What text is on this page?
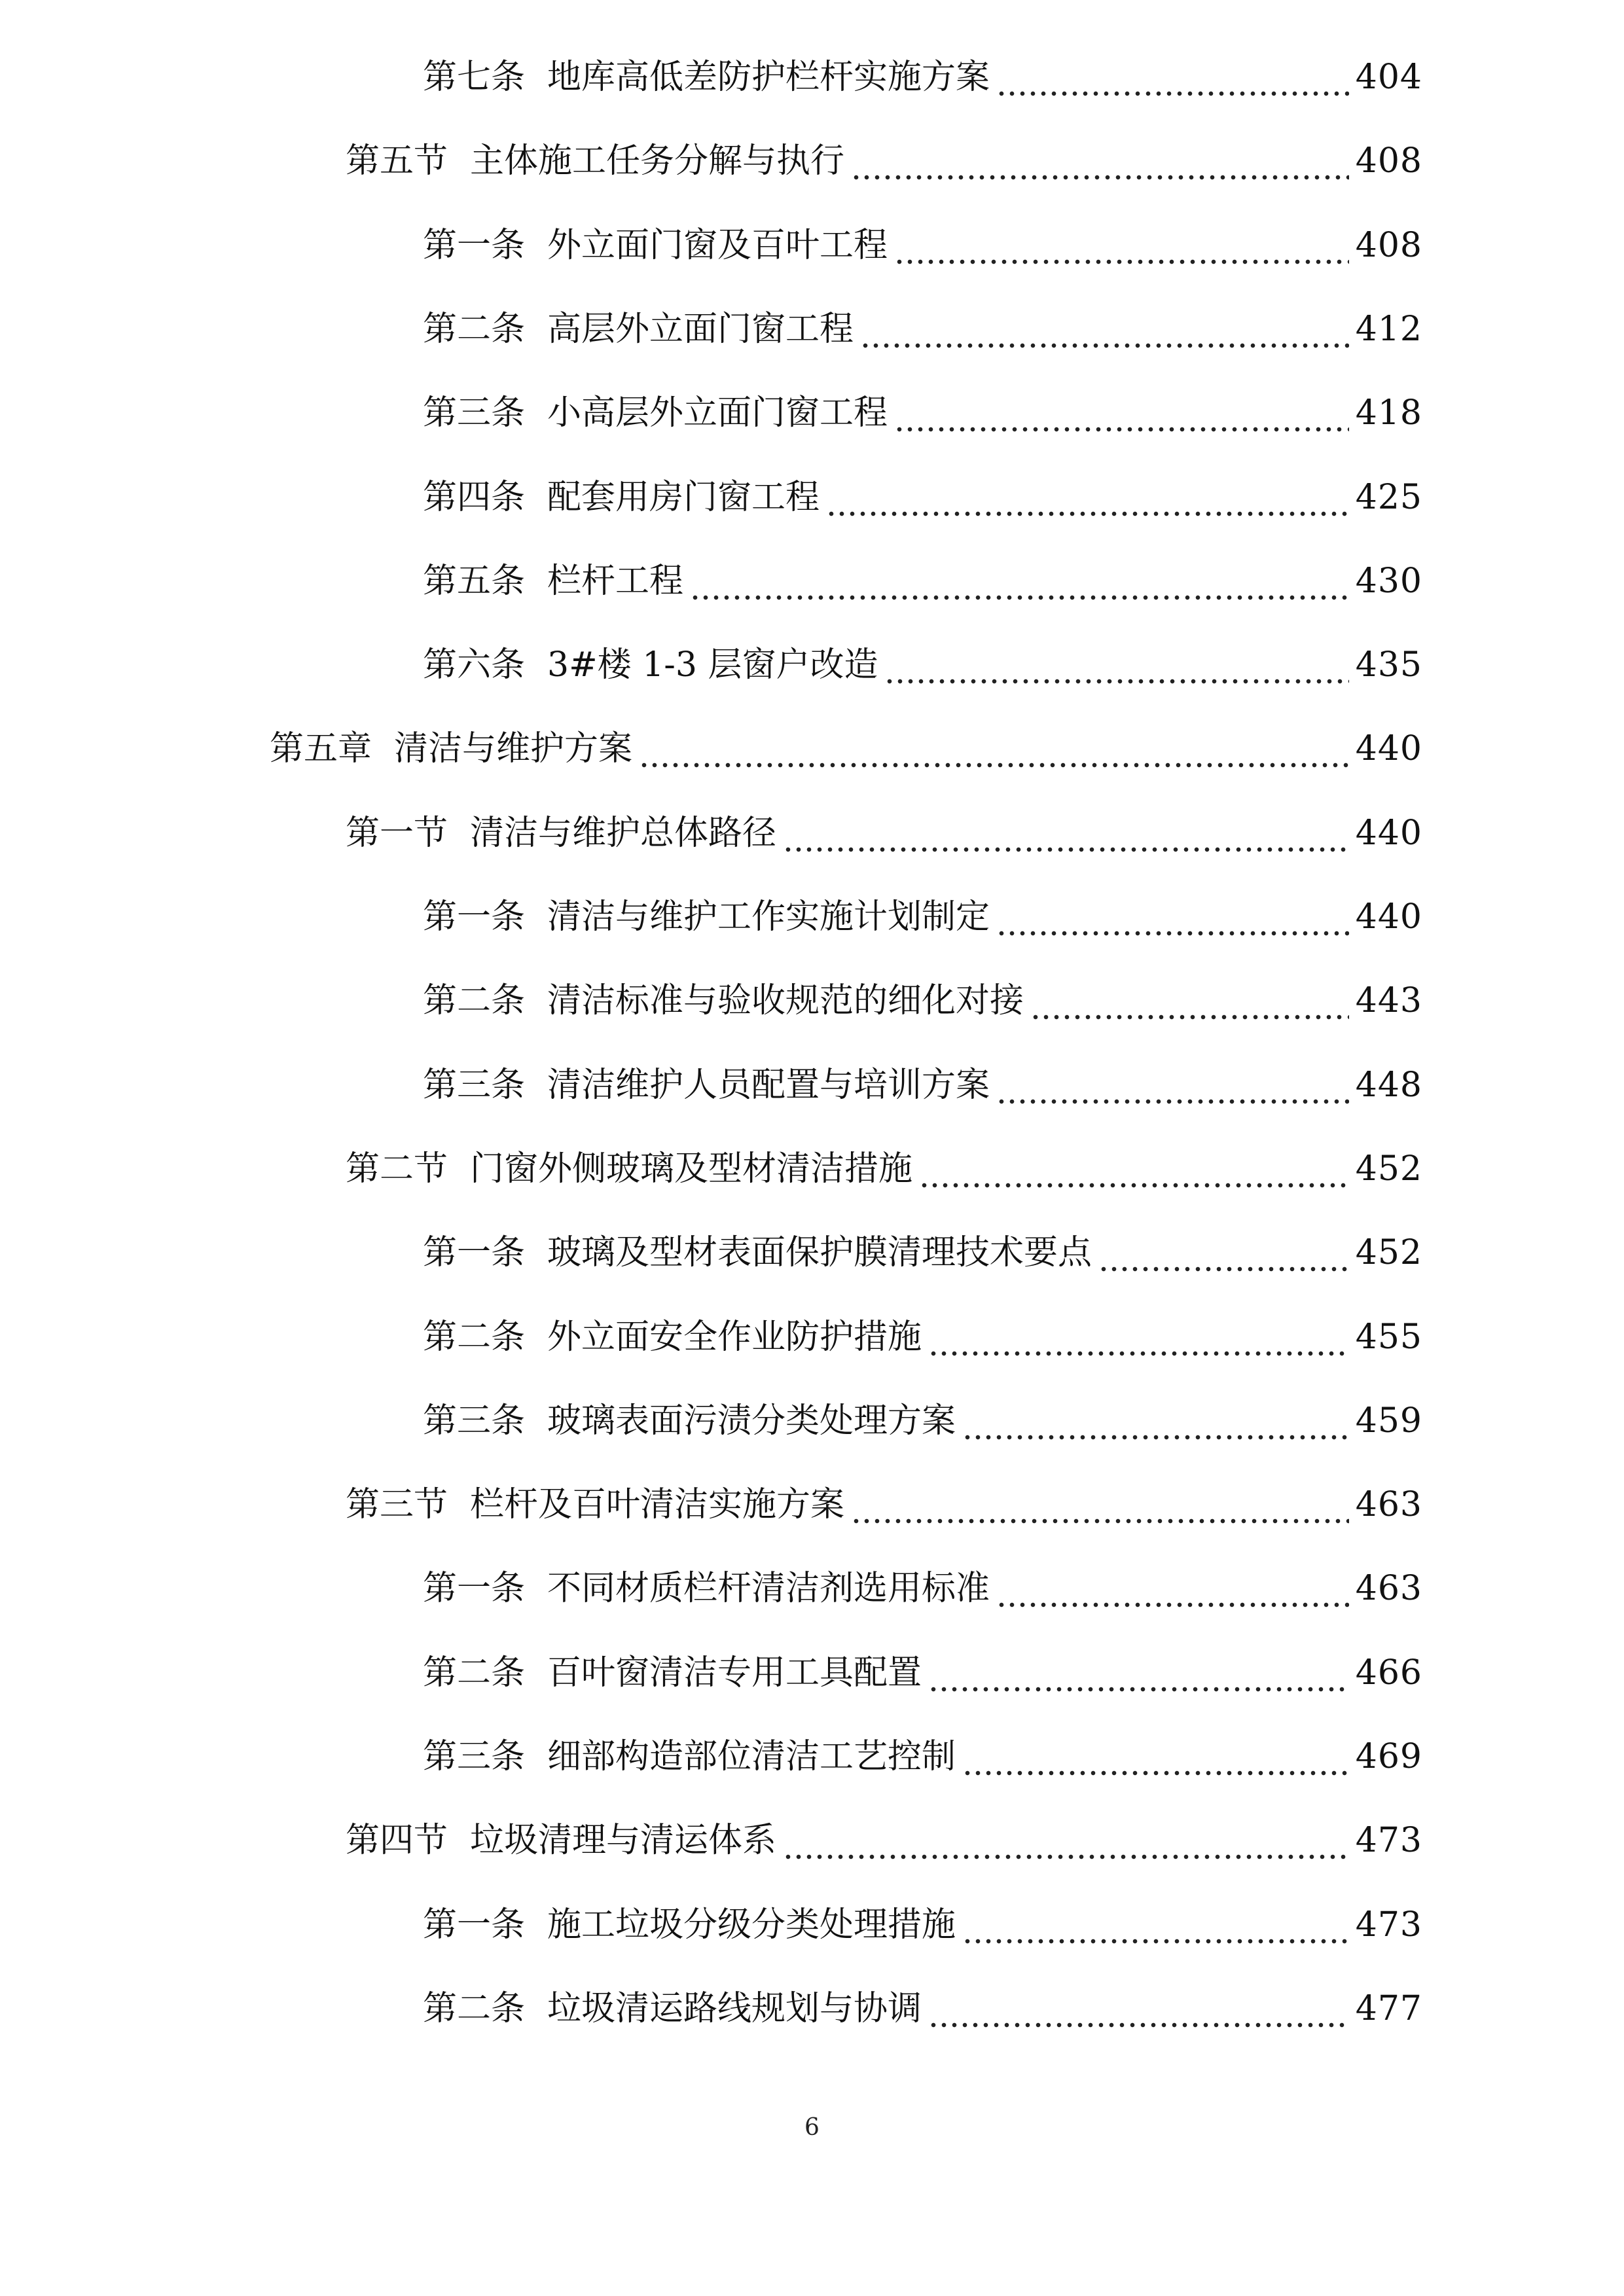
第七条 地库高低差防护栏杆实施方案	404
第五节 主体施工任务分解与执行	408
第一条 外立面门窗及百叶工程	408
第二条 高层外立面门窗工程	412
第三条 小高层外立面门窗工程	418
第四条 配套用房门窗工程	425
第五条 栏杆工程	430
第六条 3#楼 1-3 层窗户改造	435
第五章 清洁与维护方案	440
第一节 清洁与维护总体路径	440
第一条 清洁与维护工作实施计划制定	440
第二条 清洁标准与验收规范的细化对接	443
第三条 清洁维护人员配置与培训方案	448
第二节 门窗外侧玻璃及型材清洁措施	452
第一条 玻璃及型材表面保护膜清理技术要点	452
第二条 外立面安全作业防护措施	455
第三条 玻璃表面污渍分类处理方案	459
第三节 栏杆及百叶清洁实施方案	463
第一条 不同材质栏杆清洁剂选用标准	463
第二条 百叶窗清洁专用工具配置	466
第三条 细部构造部位清洁工艺控制	469
第四节 垃圾清理与清运体系	473
第一条 施工垃圾分级分类处理措施	473
第二条 垃圾清运路线规划与协调	477
6
